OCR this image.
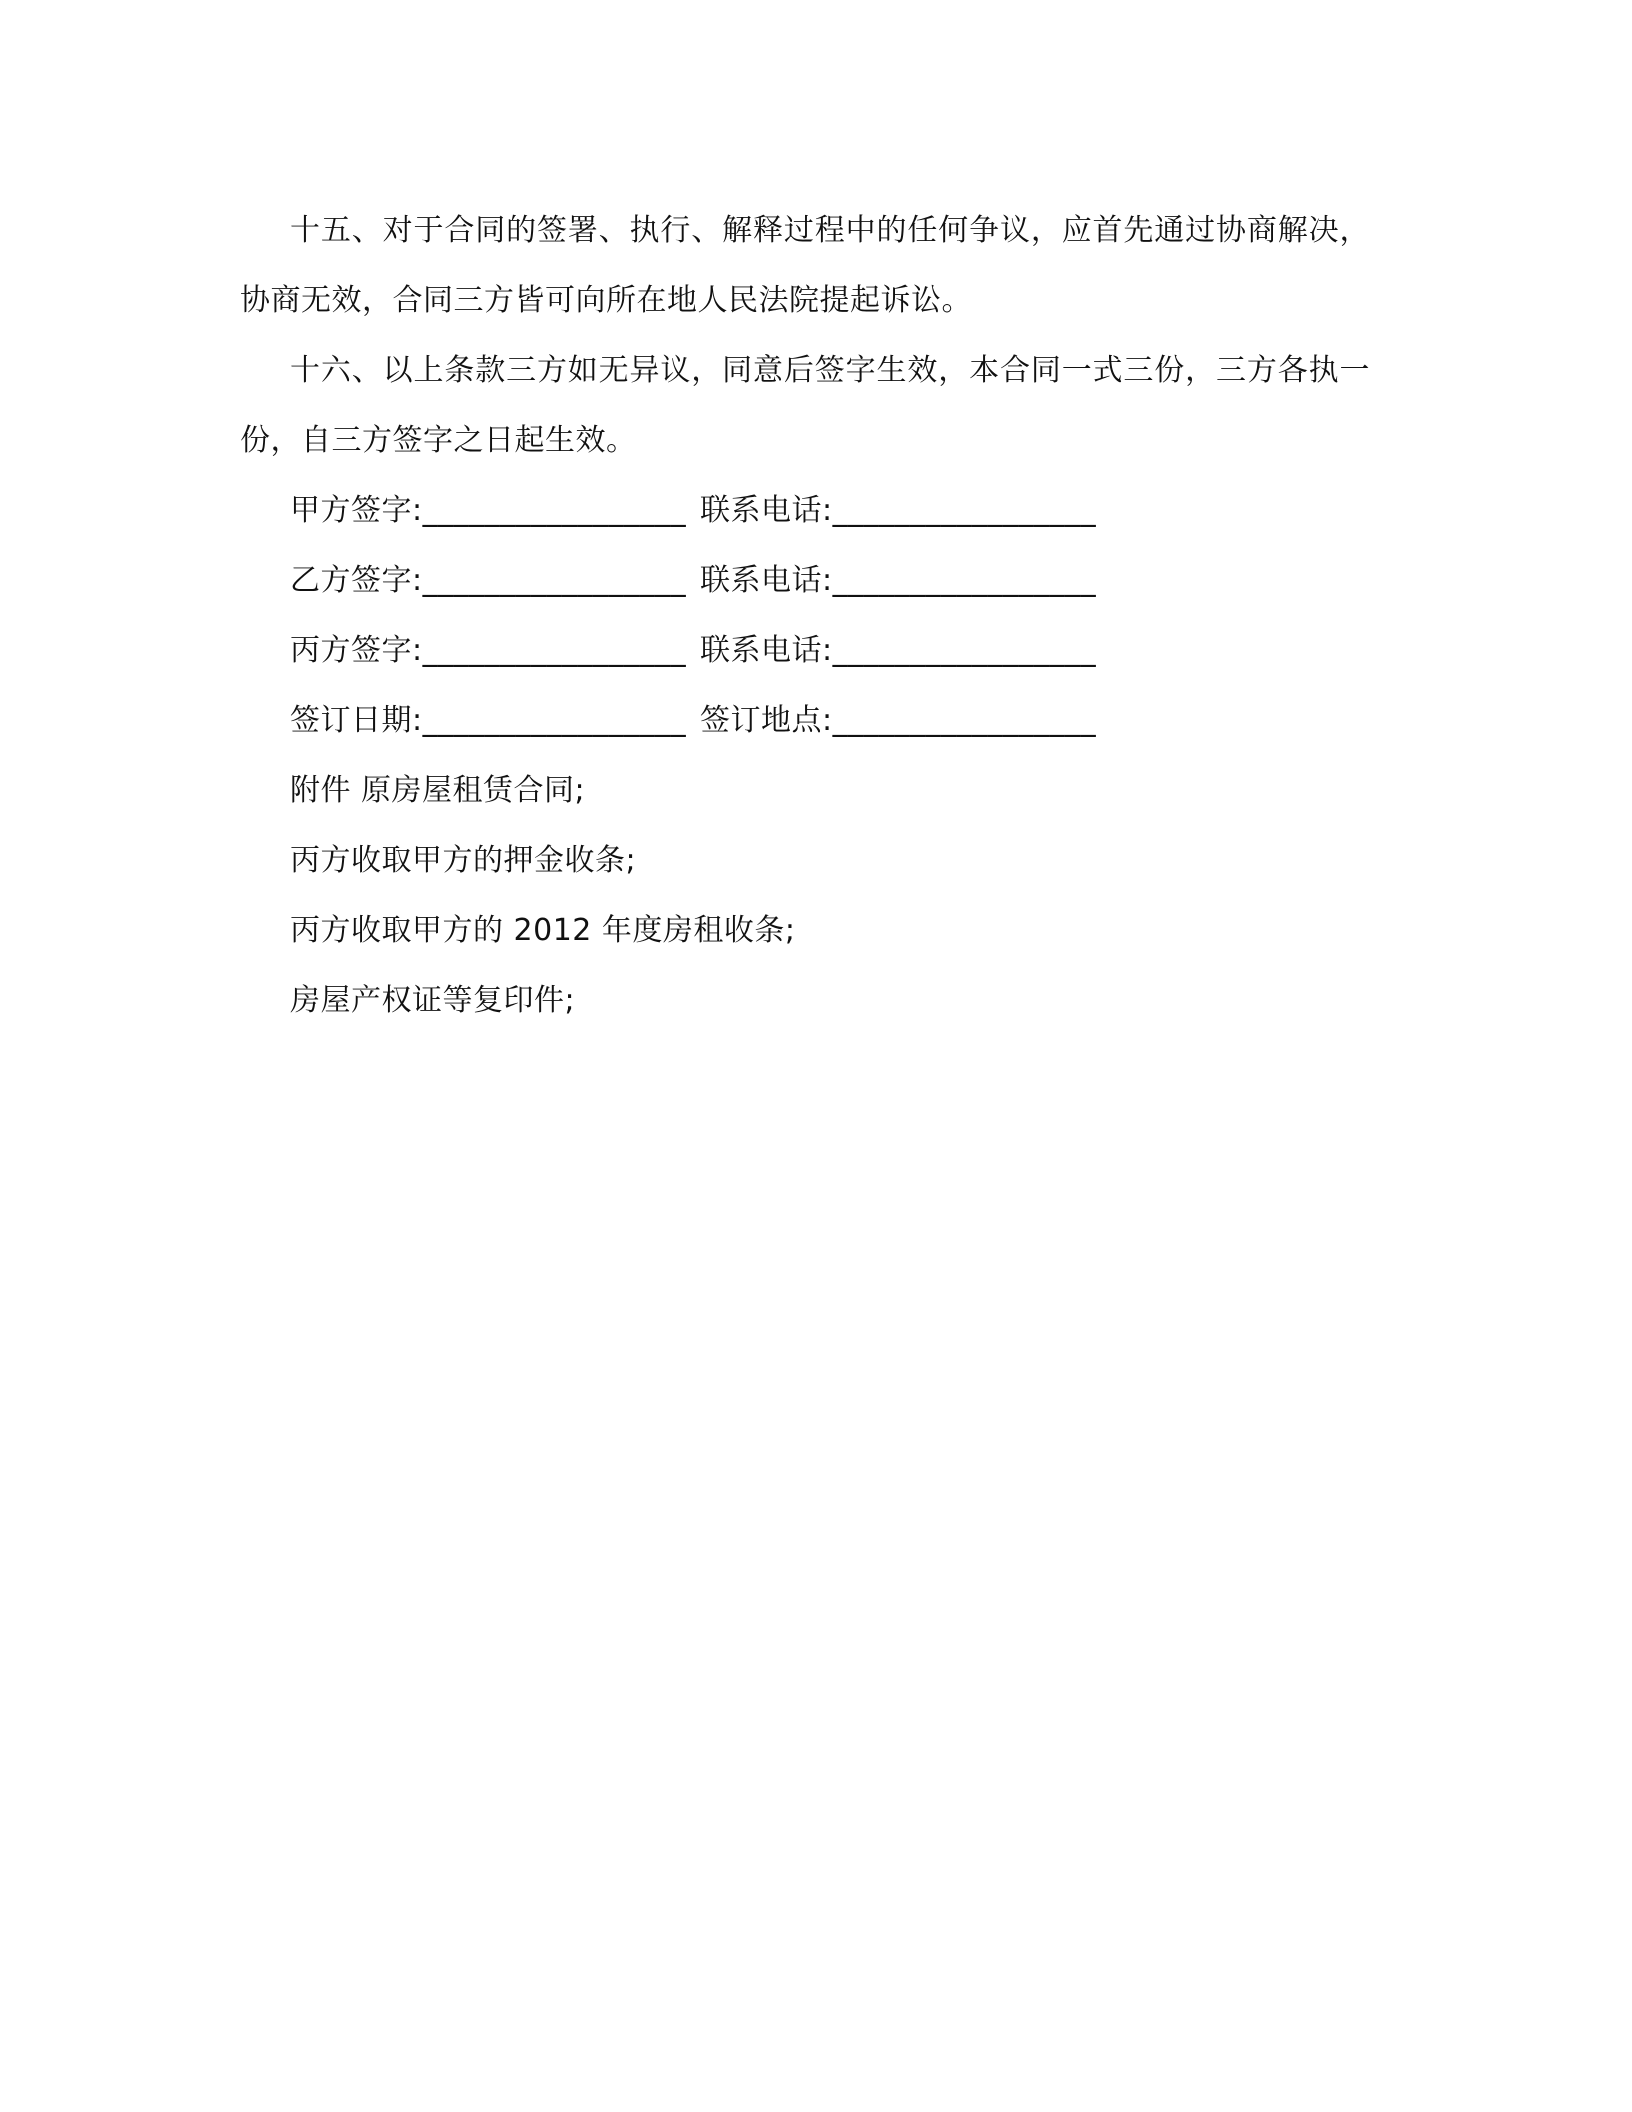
十五、对于合同的签署、执行、解释过程中的任何争议，应首先通过协商解决，协商无效，合同三方皆可向所在地人民法院提起诉讼。

十六、以上条款三方如无异议，同意后签字生效，本合同一式三份，三方各执一份，自三方签字之日起生效。

甲方签字:_________________ 联系电话:_________________
乙方签字:_________________ 联系电话:_________________
丙方签字:_________________ 联系电话:_________________
签订日期:_________________ 签订地点:_________________
附件 原房屋租赁合同;
丙方收取甲方的押金收条;
丙方收取甲方的 2012 年度房租收条;
房屋产权证等复印件;
